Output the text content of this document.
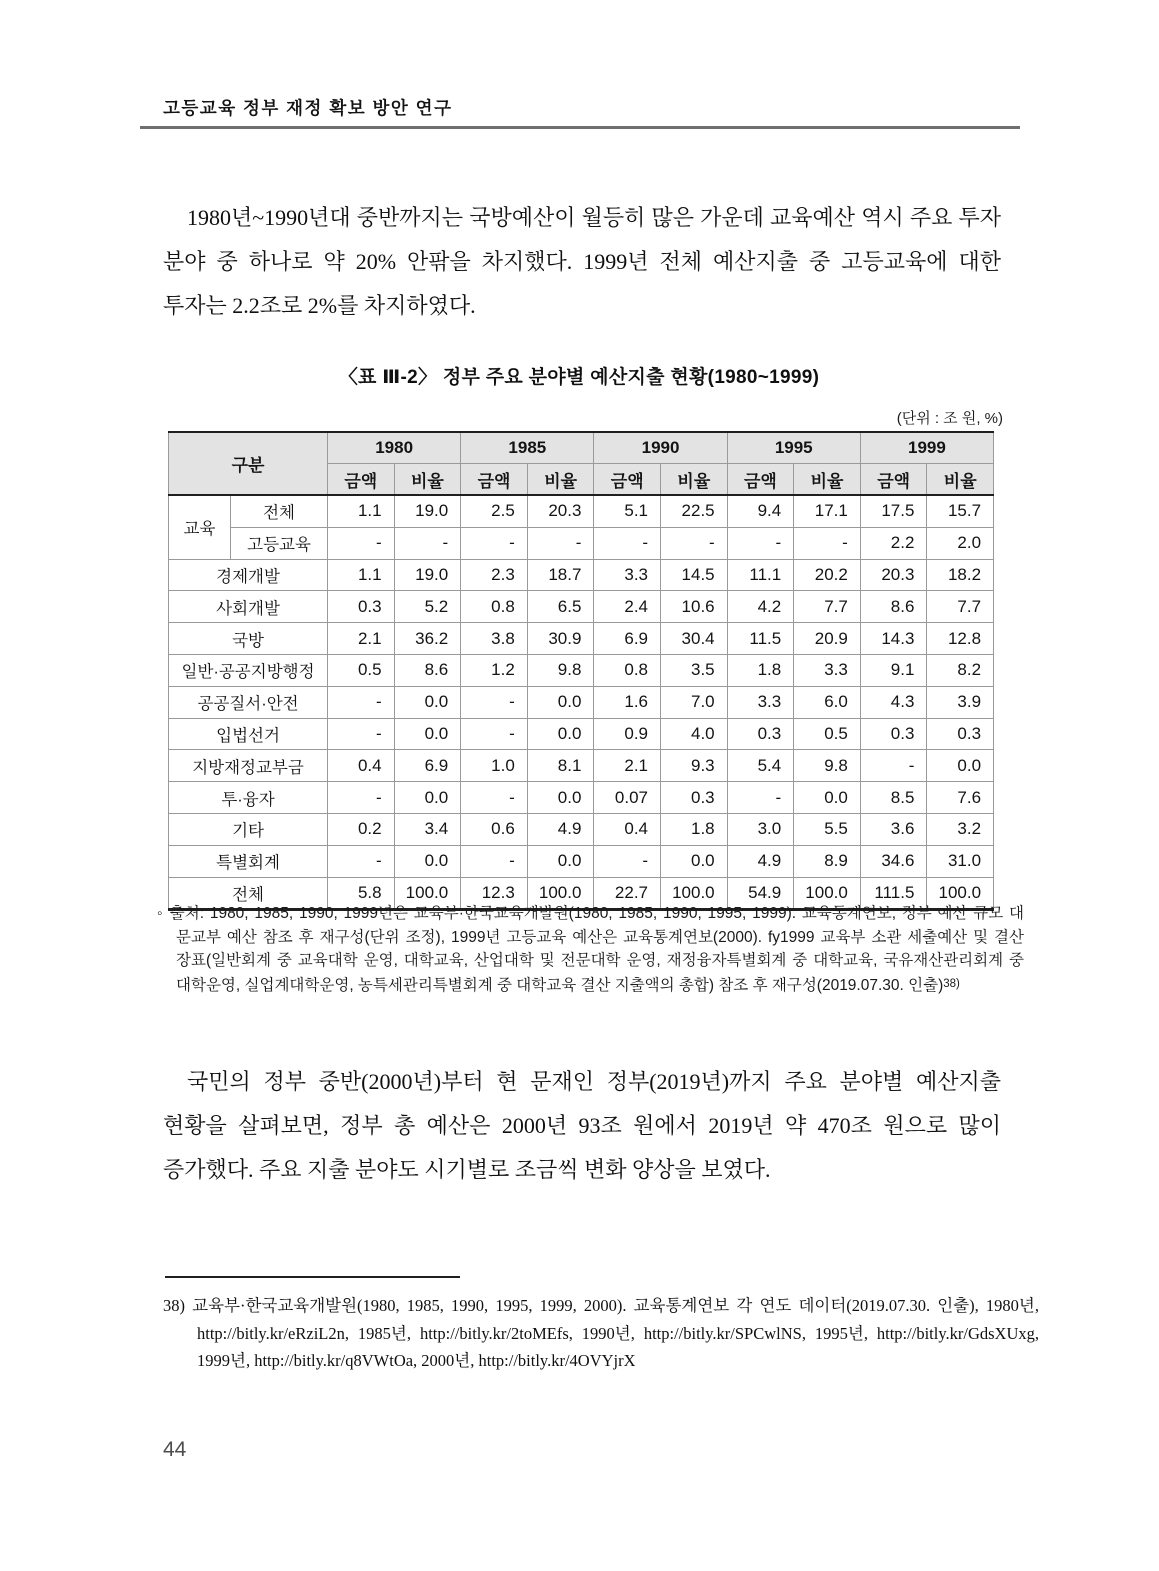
고등교육 정부 재정 확보 방안 연구
1980년~1990년대 중반까지는 국방예산이 월등히 많은 가운데 교육예산 역시 주요 투자 분야 중 하나로 약 20% 안팎을 차지했다. 1999년 전체 예산지출 중 고등교육에 대한 투자는 2.2조로 2%를 차지하였다.
〈표 Ⅲ-2〉 정부 주요 분야별 예산지출 현황(1980~1999)
(단위 : 조 원, %)
구분		1980		1985		1990		1995		1999	
		금액	비율	금액	비율	금액	비율	금액	비율	금액	비율
교육	전체	1.1	19.0	2.5	20.3	5.1	22.5	9.4	17.1	17.5	15.7
	고등교육	-	-	-	-	-	-	-	-	2.2	2.0
경제개발		1.1	19.0	2.3	18.7	3.3	14.5	11.1	20.2	20.3	18.2
사회개발		0.3	5.2	0.8	6.5	2.4	10.6	4.2	7.7	8.6	7.7
국방		2.1	36.2	3.8	30.9	6.9	30.4	11.5	20.9	14.3	12.8
일반·공공지방행정		0.5	8.6	1.2	9.8	0.8	3.5	1.8	3.3	9.1	8.2
공공질서·안전		-	0.0	-	0.0	1.6	7.0	3.3	6.0	4.3	3.9
입법선거		-	0.0	-	0.0	0.9	4.0	0.3	0.5	0.3	0.3
지방재정교부금		0.4	6.9	1.0	8.1	2.1	9.3	5.4	9.8	-	0.0
투·융자		-	0.0	-	0.0	0.07	0.3	-	0.0	8.5	7.6
기타		0.2	3.4	0.6	4.9	0.4	1.8	3.0	5.5	3.6	3.2
특별회계		-	0.0	-	0.0	-	0.0	4.9	8.9	34.6	31.0
전체		5.8	100.0	12.3	100.0	22.7	100.0	54.9	100.0	111.5	100.0
◦ 출처: 1980, 1985, 1990, 1999년은 교육부·한국교육개발원(1980, 1985, 1990, 1995, 1999). 교육통계연보, 정부 예산 규모 대 문교부 예산 참조 후 재구성(단위 조정), 1999년 고등교육 예산은 교육통계연보(2000). fy1999 교육부 소관 세출예산 및 결산 장표(일반회계 중 교육대학 운영, 대학교육, 산업대학 및 전문대학 운영, 재정융자특별회계 중 대학교육, 국유재산관리회계 중 대학운영, 실업계대학운영, 농특세관리특별회계 중 대학교육 결산 지출액의 총합) 참조 후 재구성(2019.07.30. 인출)38)
국민의 정부 중반(2000년)부터 현 문재인 정부(2019년)까지 주요 분야별 예산지출 현황을 살펴보면, 정부 총 예산은 2000년 93조 원에서 2019년 약 470조 원으로 많이 증가했다. 주요 지출 분야도 시기별로 조금씩 변화 양상을 보였다.
38) 교육부·한국교육개발원(1980, 1985, 1990, 1995, 1999, 2000). 교육통계연보 각 연도 데이터(2019.07.30. 인출), 1980년, http://bitly.kr/eRziL2n, 1985년, http://bitly.kr/2toMEfs, 1990년, http://bitly.kr/SPCwlNS, 1995년, http://bitly.kr/GdsXUxg, 1999년, http://bitly.kr/q8VWtOa, 2000년, http://bitly.kr/4OVYjrX
44
